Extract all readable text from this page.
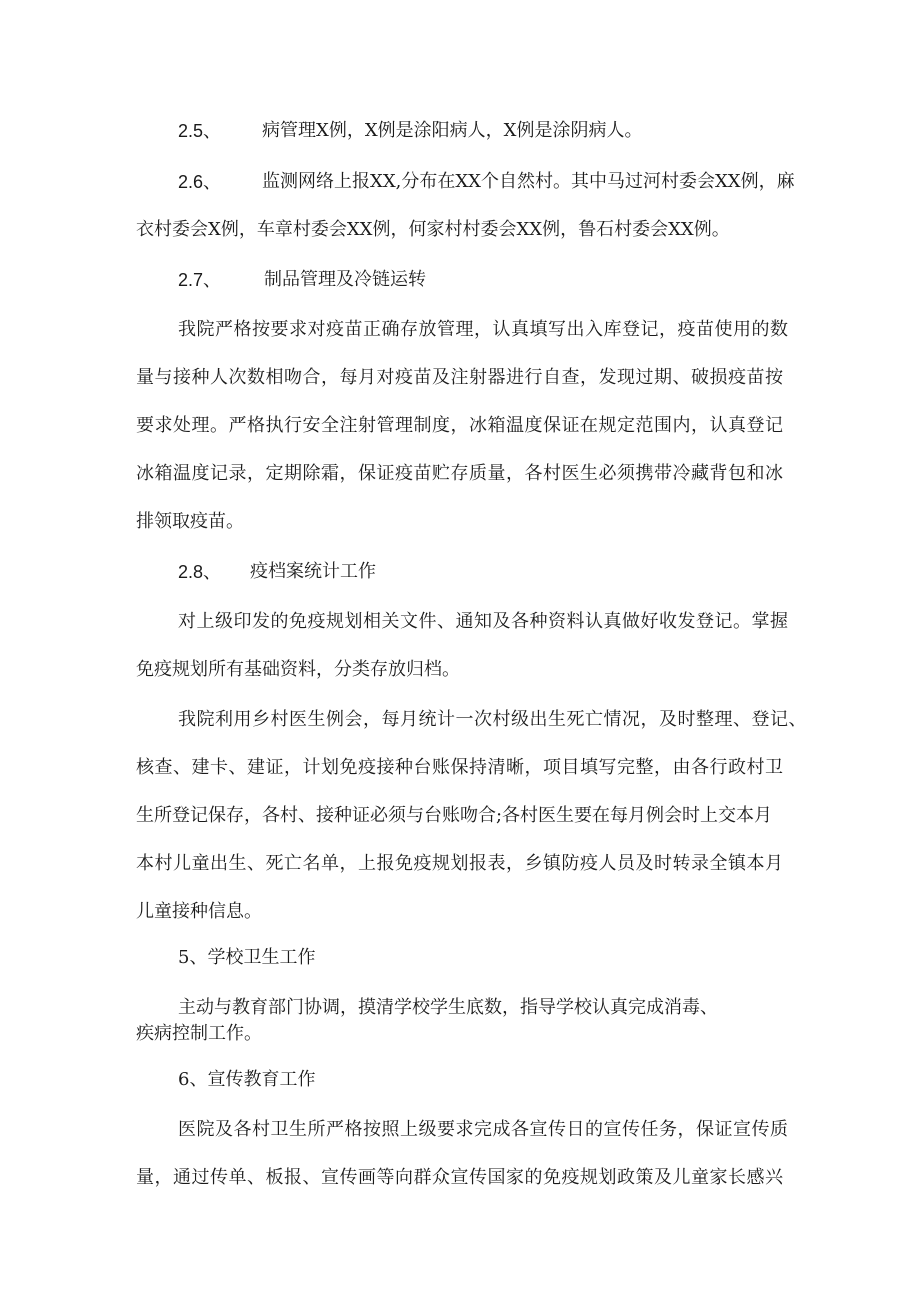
2.5、 病管理X例，X例是涂阳病人，X例是涂阴病人。
2.6、 监测网络上报XX,分布在XX个自然村。其中马过河村委会XX例，麻
衣村委会X例，车章村委会XX例，何家村村委会XX例，鲁石村委会XX例。
2.7、 制品管理及冷链运转
我院严格按要求对疫苗正确存放管理，认真填写出入库登记，疫苗使用的数
量与接种人次数相吻合，每月对疫苗及注射器进行自查，发现过期、破损疫苗按
要求处理。严格执行安全注射管理制度，冰箱温度保证在规定范围内，认真登记
冰箱温度记录，定期除霜，保证疫苗贮存质量，各村医生必须携带冷藏背包和冰
排领取疫苗。
2.8、 疫档案统计工作
对上级印发的免疫规划相关文件、通知及各种资料认真做好收发登记。掌握
免疫规划所有基础资料，分类存放归档。
我院利用乡村医生例会，每月统计一次村级出生死亡情况，及时整理、登记、
核查、建卡、建证，计划免疫接种台账保持清晰，项目填写完整，由各行政村卫
生所登记保存，各村、接种证必须与台账吻合;各村医生要在每月例会时上交本月
本村儿童出生、死亡名单，上报免疫规划报表，乡镇防疫人员及时转录全镇本月
儿童接种信息。
5、学校卫生工作
主动与教育部门协调，摸清学校学生底数，指导学校认真完成消毒、
疾病控制工作。
6、宣传教育工作
医院及各村卫生所严格按照上级要求完成各宣传日的宣传任务，保证宣传质
量，通过传单、板报、宣传画等向群众宣传国家的免疫规划政策及儿童家长感兴
